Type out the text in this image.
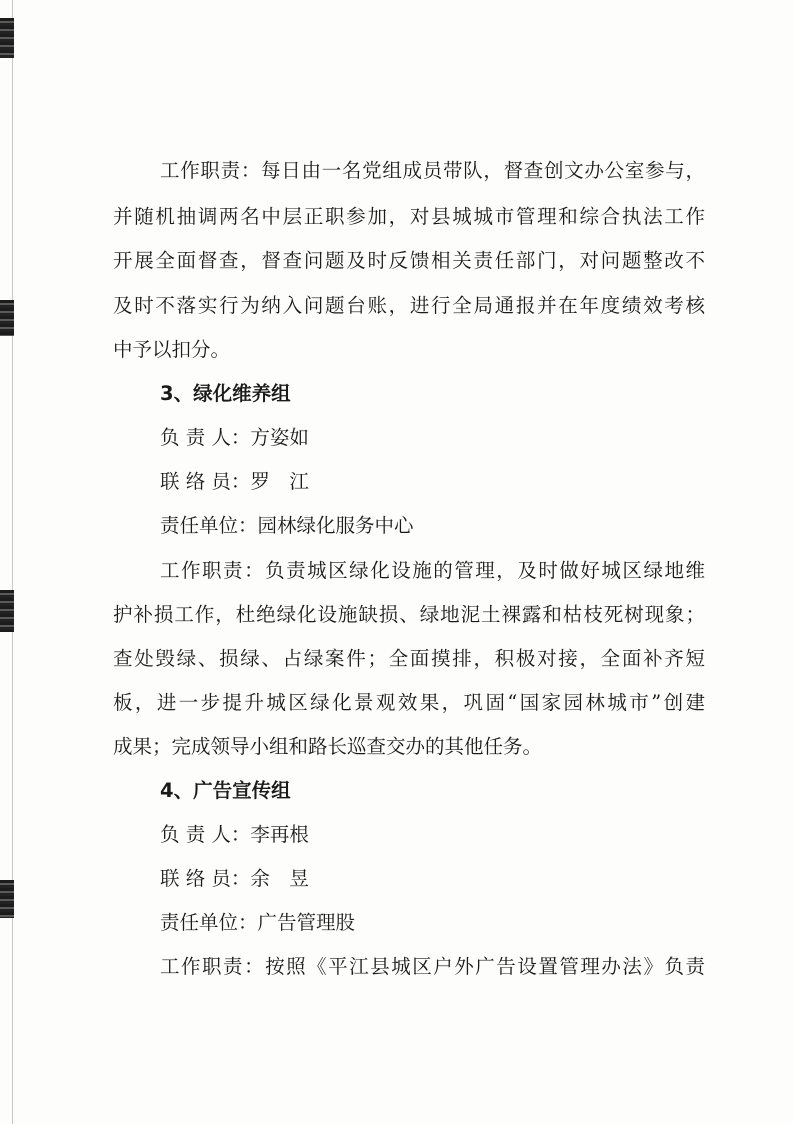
工作职责：每日由一名党组成员带队，督查创文办公室参与，
并随机抽调两名中层正职参加，对县城城市管理和综合执法工作
开展全面督查，督查问题及时反馈相关责任部门，对问题整改不
及时不落实行为纳入问题台账，进行全局通报并在年度绩效考核
中予以扣分。
3、绿化维养组
负 责 人：方姿如
联 络 员：罗　江
责任单位：园林绿化服务中心
工作职责：负责城区绿化设施的管理，及时做好城区绿地维
护补损工作，杜绝绿化设施缺损、绿地泥土裸露和枯枝死树现象；
查处毁绿、损绿、占绿案件；全面摸排，积极对接，全面补齐短
板，进一步提升城区绿化景观效果，巩固“国家园林城市”创建
成果；完成领导小组和路长巡查交办的其他任务。
4、广告宣传组
负 责 人：李再根
联 络 员：余　昱
责任单位：广告管理股
工作职责：按照《平江县城区户外广告设置管理办法》负责
